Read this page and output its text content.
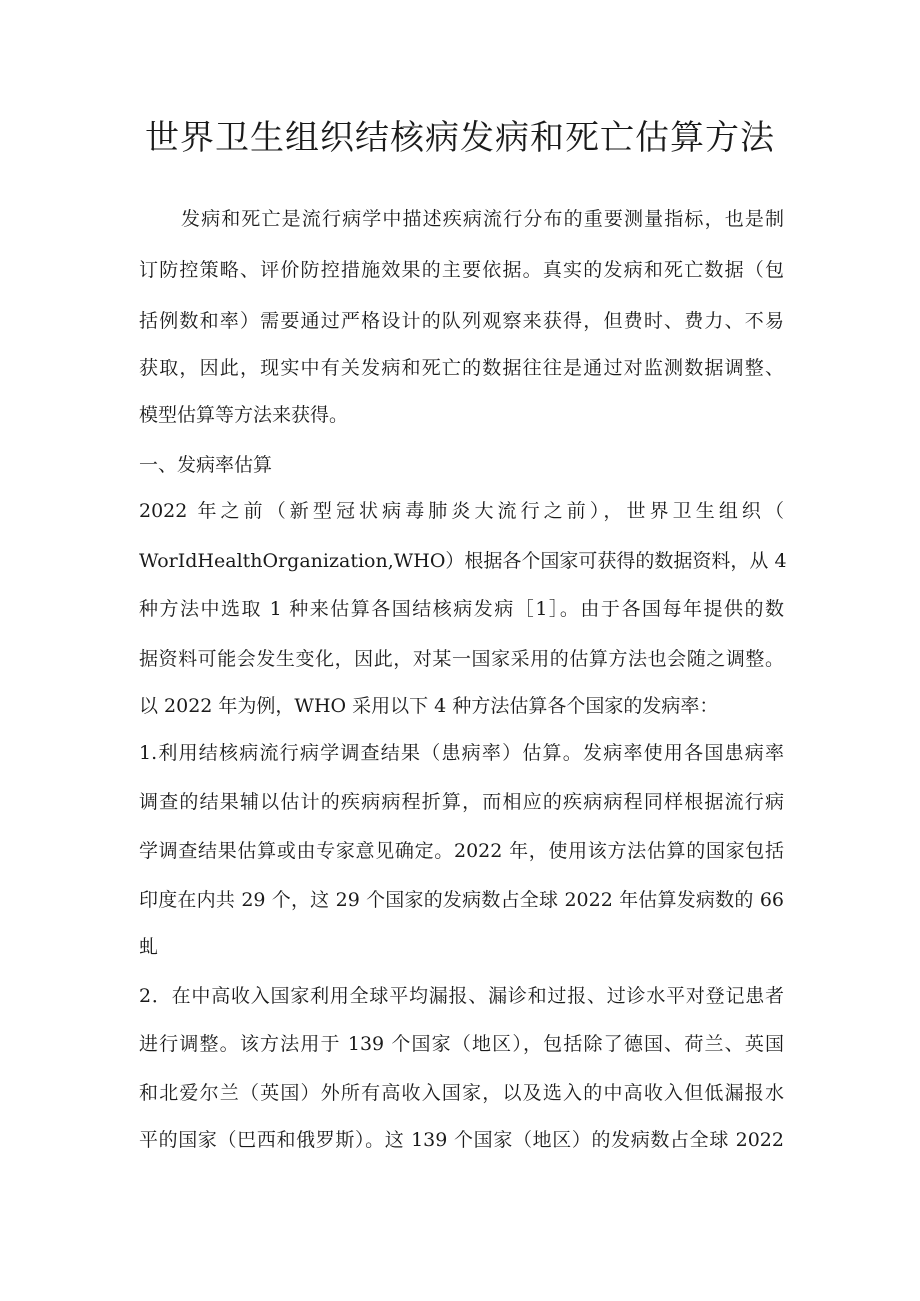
世界卫生组织结核病发病和死亡估算方法

发病和死亡是流行病学中描述疾病流行分布的重要测量指标，也是制

订防控策略、评价防控措施效果的主要依据。真实的发病和死亡数据（包

括例数和率）需要通过严格设计的队列观察来获得，但费时、费力、不易

获取，因此，现实中有关发病和死亡的数据往往是通过对监测数据调整、

模型估算等方法来获得。

一、发病率估算

2022 年之前（新型冠状病毒肺炎大流行之前），世界卫生组织（

WorIdHealthOrganization,WHO）根据各个国家可获得的数据资料，从 4

种方法中选取 1 种来估算各国结核病发病［1］。由于各国每年提供的数

据资料可能会发生变化，因此，对某一国家采用的估算方法也会随之调整。

以 2022 年为例，WHO 采用以下 4 种方法估算各个国家的发病率：

1.利用结核病流行病学调查结果（患病率）估算。发病率使用各国患病率

调查的结果辅以估计的疾病病程折算，而相应的疾病病程同样根据流行病

学调查结果估算或由专家意见确定。2022 年，使用该方法估算的国家包括

印度在内共 29 个，这 29 个国家的发病数占全球 2022 年估算发病数的 66

虬

2．在中高收入国家利用全球平均漏报、漏诊和过报、过诊水平对登记患者

进行调整。该方法用于 139 个国家（地区），包括除了德国、荷兰、英国

和北爱尔兰（英国）外所有高收入国家，以及选入的中高收入但低漏报水

平的国家（巴西和俄罗斯）。这 139 个国家（地区）的发病数占全球 2022
